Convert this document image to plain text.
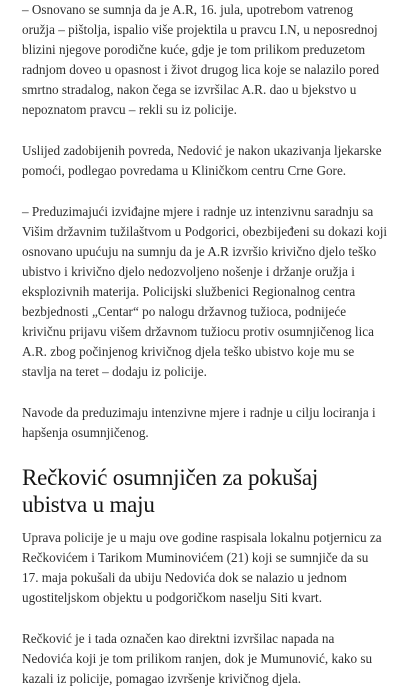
– Osnovano se sumnja da je A.R, 16. jula, upotrebom vatrenog oružja – pištolja, ispalio više projektila u pravcu I.N, u neposrednoj blizini njegove porodične kuće, gdje je tom prilikom preduzetom radnjom doveo u opasnost i život drugog lica koje se nalazilo pored smrtno stradalog, nakon čega se izvršilac A.R. dao u bjekstvo u nepoznatom pravcu – rekli su iz policije.

Uslijed zadobijenih povreda, Nedović je nakon ukazivanja ljekarske pomoći, podlegao povredama u Kliničkom centru Crne Gore.

– Preduzimajući izviđajne mjere i radnje uz intenzivnu saradnju sa Višim državnim tužilaštvom u Podgorici, obezbijeđeni su dokazi koji osnovano upućuju na sumnju da je A.R izvršio krivično djelo teško ubistvo i krivično djelo nedozvoljeno nošenje i držanje oružja i eksplozivnih materija. Policijski službenici Regionalnog centra bezbjednosti „Centar“ po nalogu državnog tužioca, podnijeće krivičnu prijavu višem državnom tužiocu protiv osumnjičenog lica A.R. zbog počinjenog krivičnog djela teško ubistvo koje mu se stavlja na teret – dodaju iz policije.

Navode da preduzimaju intenzivne mjere i radnje u cilju lociranja i hapšenja osumnjičenog.

Rečković osumnjičen za pokušaj ubistva u maju

Uprava policije je u maju ove godine raspisala lokalnu potjernicu za Rečkovićem i Tarikom Muminovićem (21) koji se sumnjiče da su 17. maja pokušali da ubiju Nedovića dok se nalazio u jednom ugostiteljskom objektu u podgoričkom naselju Siti kvart.

Rečković je i tada označen kao direktni izvršilac napada na Nedovića koji je tom prilikom ranjen, dok je Mumunović, kako su kazali iz policije, pomagao izvršenje krivičnog djela.
